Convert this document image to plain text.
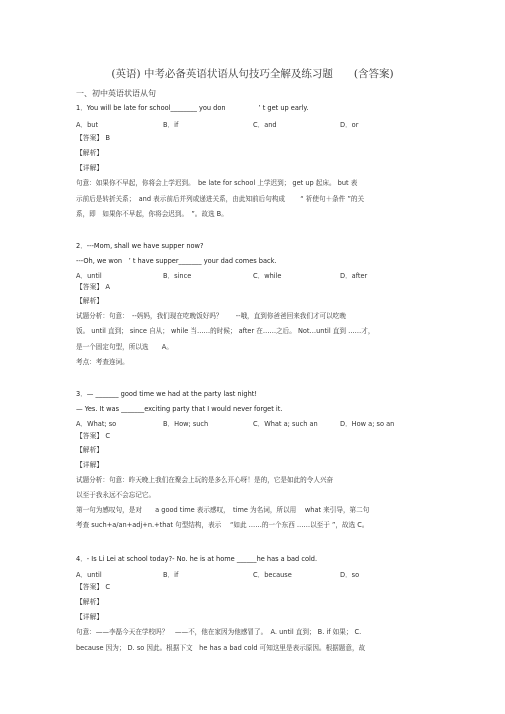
(英语) 中考必备英语状语从句技巧全解及练习题　　(含答案)
一、初中英语状语从句
1．You will be late for school________ you don　　　　　’ t get up early.
A．but	B．if	C．and	D．or
【答案】 B
【解析】
【详解】
句意：如果你不早起，你将会上学迟到。　be late for school 上学迟到； get up 起床。 but 表
示前后是转折关系；　and 表示前后并列或递进关系，由此知前后句构成　　 “ 祈使句＋条件 ”的关
系，即　如果你不早起，你将会迟到。　”。故选 B。
2．---Mom, shall we have supper now?
---Oh, we won　’ t have supper_______ your dad comes back.
A．until	B．since	C．while	D．after
【答案】 A
【解析】
试题分析：句意：　--妈妈，我们现在吃晚饭好吗？　　--哦，直到你爸爸回来我们才可以吃晚
饭。 until 直到； since 自从； while 当……的时候； after 在……之后。 Not…until 直到 ……才，
是一个固定句型，所以选　　A。
考点：考查连词。
3．— _______ good time we had at the party last night!
— Yes. It was _______exciting party that I would never forget it.
A．What; so	B．How; such	C．What a; such an	D．How a; so an
【答案】 C
【解析】
【详解】
试题分析：句意：昨天晚上我们在聚会上玩的是多么开心呀！是的，它是如此的令人兴奋
以至于我永远不会忘记它。
第一句为感叹句，是对　　a good time 表示感叹，　time 为名词，所以用　 what 来引导，第二句
考查 such+a/an+adj+n.+that 句型结构，表示　 “如此 ……的一个东西 ……以至于 ”，故选 C。
4．- Is Li Lei at school today?- No. he is at home ______he has a bad cold.
A．until	B．if	C．because	D．so
【答案】 C
【解析】
【详解】
句意：——李磊今天在学校吗？　——不，他在家因为他感冒了。　A. until 直到； B. if 如果； C.
because 因为； D. so 因此。根据下文　he has a bad cold 可知这里是表示原因。根据题意，故
